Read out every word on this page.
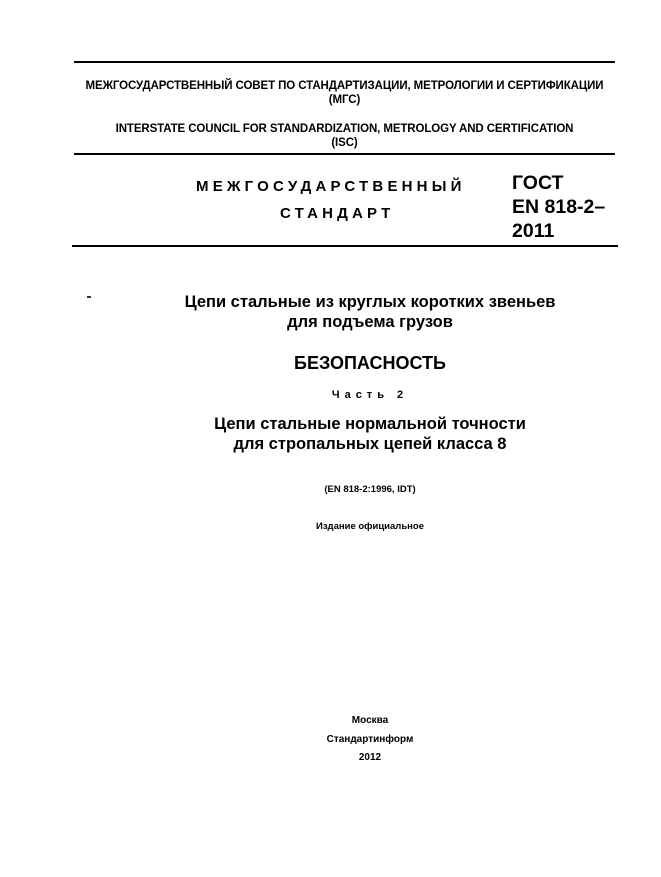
МЕЖГОСУДАРСТВЕННЫЙ СОВЕТ ПО СТАНДАРТИЗАЦИИ, МЕТРОЛОГИИ И СЕРТИФИКАЦИИ
(МГС)
INTERSTATE COUNCIL FOR STANDARDIZATION, METROLOGY AND CERTIFICATION
(ISC)
МЕЖГОСУДАРСТВЕННЫЙ
СТАНДАРТ
ГОСТ
EN 818-2–
2011
Цепи стальные из круглых коротких звеньев
для подъема грузов
БЕЗОПАСНОСТЬ
Часть 2
Цепи стальные нормальной точности
для стропальных цепей класса 8
(EN 818-2:1996, IDT)
Издание официальное
Москва
Стандартинформ
2012
